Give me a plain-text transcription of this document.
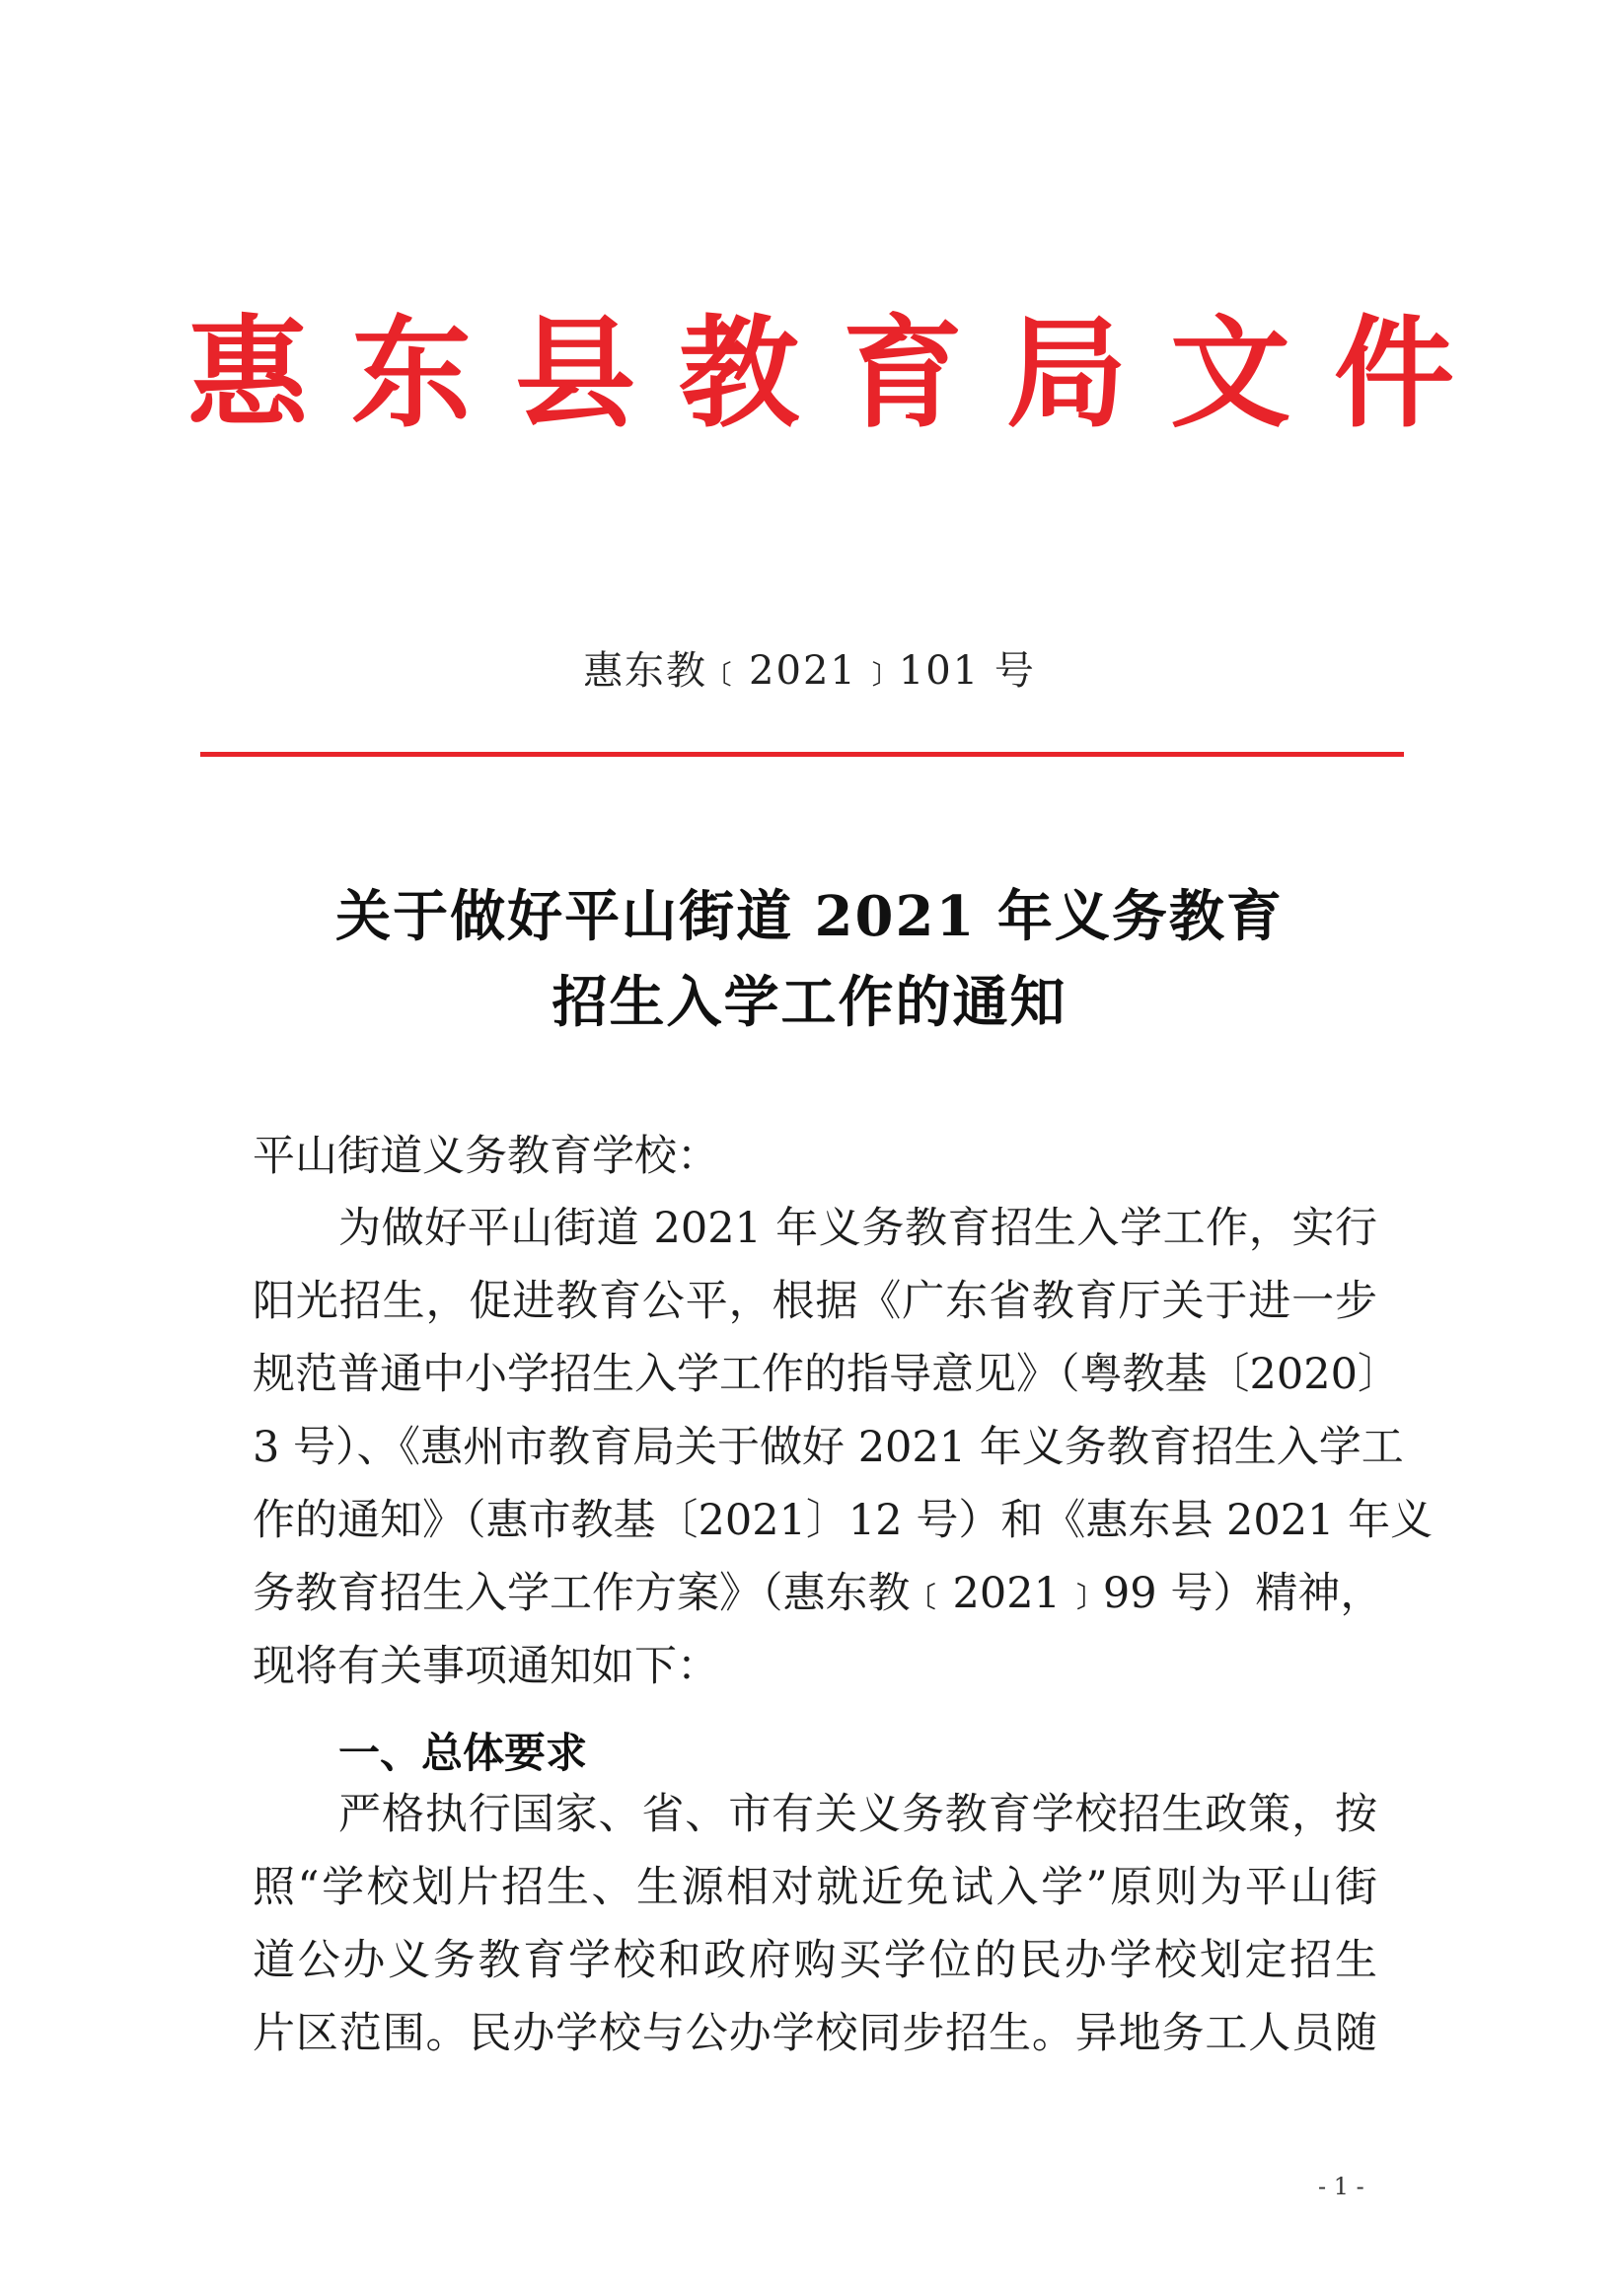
惠东县教育局文件
惠东教﹝2021﹞101 号
关于做好平山街道 2021 年义务教育
招生入学工作的通知
平山街道义务教育学校：
为做好平山街道 2021 年义务教育招生入学工作，实行
阳光招生，促进教育公平，根据《广东省教育厅关于进一步
规范普通中小学招生入学工作的指导意见》（粤教基〔2020〕
3 号）、《惠州市教育局关于做好 2021 年义务教育招生入学工
作的通知》（惠市教基〔2021〕12 号）和《惠东县 2021 年义
务教育招生入学工作方案》（惠东教﹝2021﹞99 号）精神，
现将有关事项通知如下：
一、总体要求
严格执行国家、省、市有关义务教育学校招生政策，按
照“学校划片招生、生源相对就近免试入学”原则为平山街
道公办义务教育学校和政府购买学位的民办学校划定招生
片区范围。民办学校与公办学校同步招生。异地务工人员随
- 1 -
